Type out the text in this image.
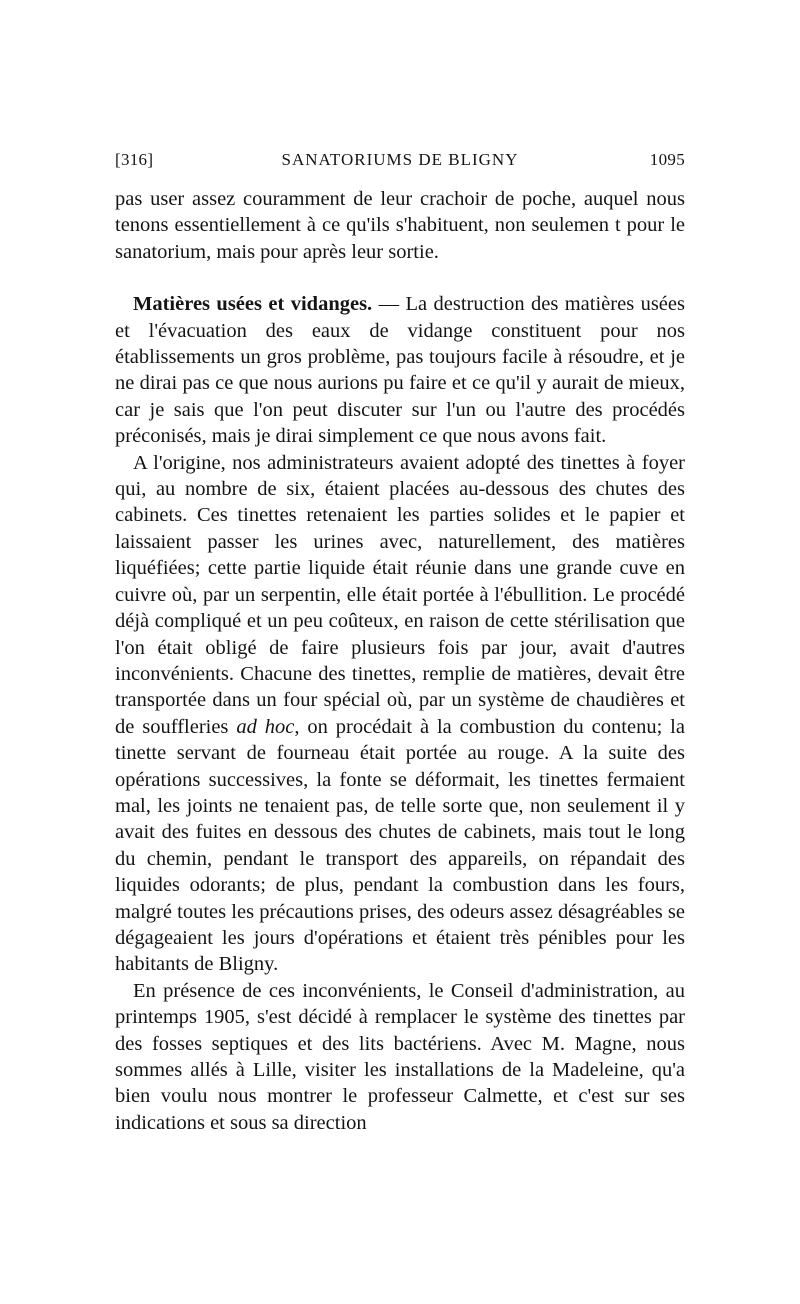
[316]	SANATORIUMS DE BLIGNY	1095

pas user assez couramment de leur crachoir de poche, auquel nous tenons essentiellement à ce qu'ils s'habituent, non seulemen t pour le sanatorium, mais pour après leur sortie.

Matières usées et vidanges. — La destruction des matières usées et l'évacuation des eaux de vidange constituent pour nos établissements un gros problème, pas toujours facile à résoudre, et je ne dirai pas ce que nous aurions pu faire et ce qu'il y aurait de mieux, car je sais que l'on peut discuter sur l'un ou l'autre des procédés préconisés, mais je dirai simplement ce que nous avons fait.

A l'origine, nos administrateurs avaient adopté des tinettes à foyer qui, au nombre de six, étaient placées au-dessous des chutes des cabinets. Ces tinettes retenaient les parties solides et le papier et laissaient passer les urines avec, naturellement, des matières liquéfiées; cette partie liquide était réunie dans une grande cuve en cuivre où, par un serpentin, elle était portée à l'ébullition. Le procédé déjà compliqué et un peu coûteux, en raison de cette stérilisation que l'on était obligé de faire plusieurs fois par jour, avait d'autres inconvénients. Chacune des tinettes, remplie de matières, devait être transportée dans un four spécial où, par un système de chaudières et de souffleries ad hoc, on procédait à la combustion du contenu; la tinette servant de fourneau était portée au rouge. A la suite des opérations successives, la fonte se déformait, les tinettes fermaient mal, les joints ne tenaient pas, de telle sorte que, non seulement il y avait des fuites en dessous des chutes de cabinets, mais tout le long du chemin, pendant le transport des appareils, on répandait des liquides odorants; de plus, pendant la combustion dans les fours, malgré toutes les précautions prises, des odeurs assez désagréables se dégageaient les jours d'opérations et étaient très pénibles pour les habitants de Bligny.

En présence de ces inconvénients, le Conseil d'administration, au printemps 1905, s'est décidé à remplacer le système des tinettes par des fosses septiques et des lits bactériens. Avec M. Magne, nous sommes allés à Lille, visiter les installations de la Madeleine, qu'a bien voulu nous montrer le professeur Calmette, et c'est sur ses indications et sous sa direction
